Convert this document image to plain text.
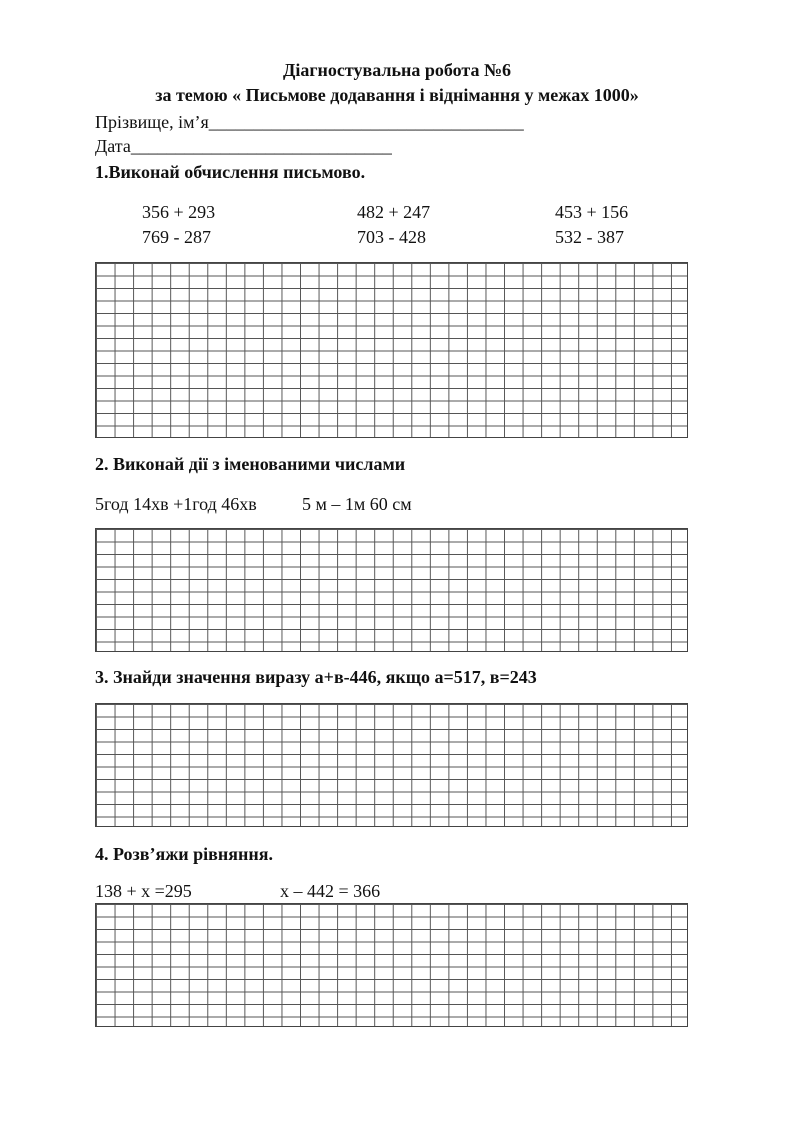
Діагностувальна робота №6
за темою « Письмове додавання і віднімання у межах 1000»
Прізвище, ім’я___________________________________
Дата_____________________________
1.Виконай обчислення письмово.
356 + 293	482 + 247	453 + 156
769 - 287	703 - 428	532 - 387
2. Виконай дії з іменованими числами
5год 14хв +1год 46хв	5 м – 1м 60 см
3. Знайди значення виразу а+в-446, якщо а=517, в=243
4. Розв’яжи рівняння.
138 + х =295	х – 442 = 366
